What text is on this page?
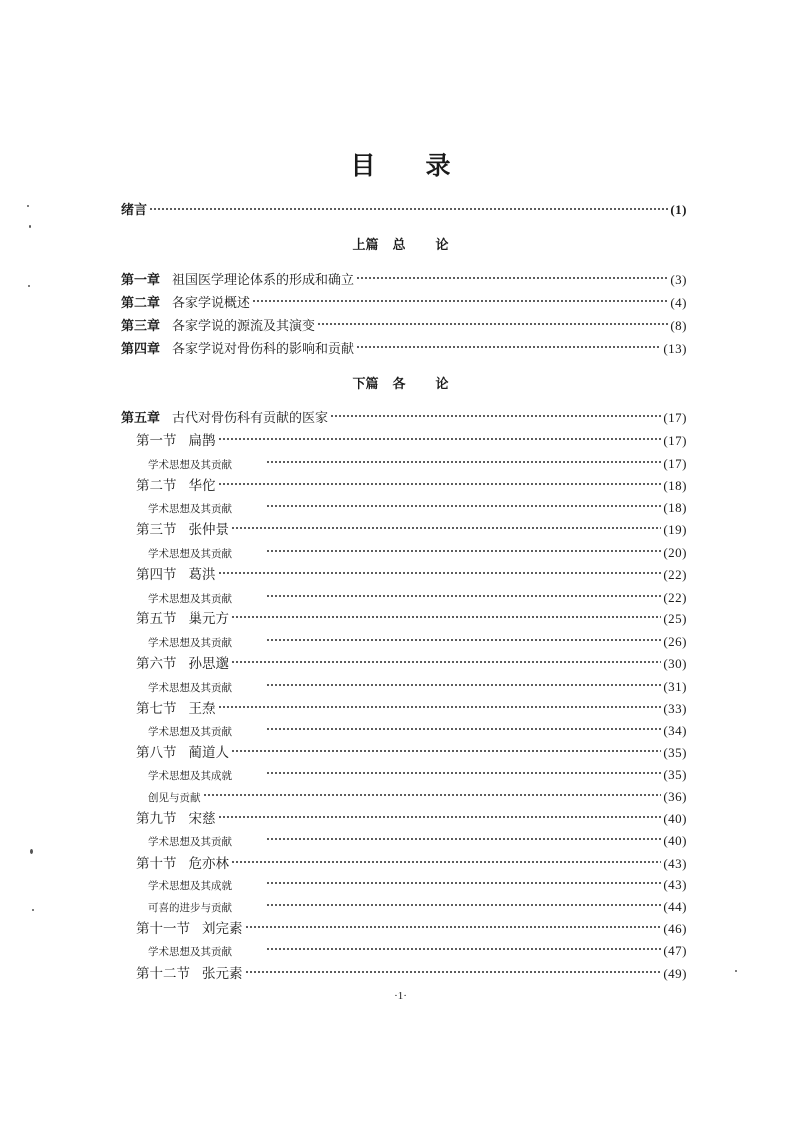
目 录
绪言	(1)
上篇 总 论
第一章 祖国医学理论体系的形成和确立	(3)
第二章 各家学说概述	(4)
第三章 各家学说的源流及其演变	(8)
第四章 各家学说对骨伤科的影响和贡献	(13)
下篇 各 论
第五章 古代对骨伤科有贡献的医家	(17)
第一节 扁鹊	(17)
学术思想及其贡献	(17)
第二节 华佗	(18)
学术思想及其贡献	(18)
第三节 张仲景	(19)
学术思想及其贡献	(20)
第四节 葛洪	(22)
学术思想及其贡献	(22)
第五节 巢元方	(25)
学术思想及其贡献	(26)
第六节 孙思邈	(30)
学术思想及其贡献	(31)
第七节 王焘	(33)
学术思想及其贡献	(34)
第八节 蔺道人	(35)
学术思想及其成就	(35)
创见与贡献	(36)
第九节 宋慈	(40)
学术思想及其贡献	(40)
第十节 危亦林	(43)
学术思想及其成就	(43)
可喜的进步与贡献	(44)
第十一节 刘完素	(46)
学术思想及其贡献	(47)
第十二节 张元素	(49)
·1·
